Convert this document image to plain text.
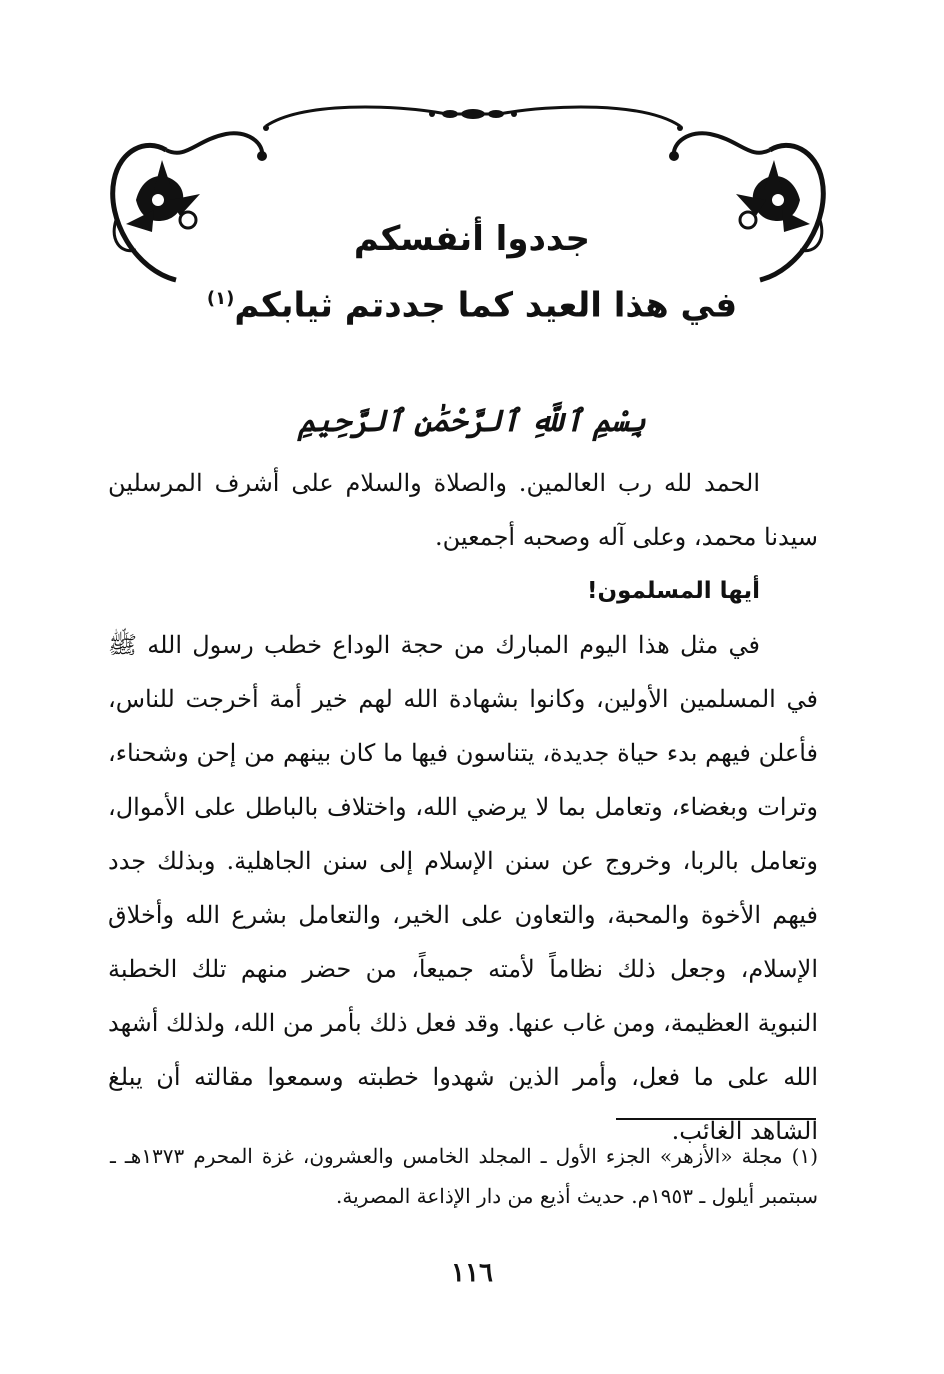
جددوا أنفسكم
في هذا العيد كما جددتم ثيابكم$^{(١)}$
بِسْمِ ٱللَّهِ ٱلرَّحْمَٰنِ ٱلرَّحِيمِ

الحمد لله رب العالمين. والصلاة والسلام على أشرف المرسلين سيدنا محمد، وعلى آله وصحبه أجمعين.

أيها المسلمون!

في مثل هذا اليوم المبارك من حجة الوداع خطب رسول الله ﷺ في المسلمين الأولين، وكانوا بشهادة الله لهم خير أمة أخرجت للناس، فأعلن فيهم بدء حياة جديدة، يتناسون فيها ما كان بينهم من إحن وشحناء، وترات وبغضاء، وتعامل بما لا يرضي الله، واختلاف بالباطل على الأموال، وتعامل بالربا، وخروج عن سنن الإسلام إلى سنن الجاهلية. وبذلك جدد فيهم الأخوة والمحبة، والتعاون على الخير، والتعامل بشرع الله وأخلاق الإسلام، وجعل ذلك نظاماً لأمته جميعاً، من حضر منهم تلك الخطبة النبوية العظيمة، ومن غاب عنها. وقد فعل ذلك بأمر من الله، ولذلك أشهد الله على ما فعل، وأمر الذين شهدوا خطبته وسمعوا مقالته أن يبلغ الشاهد الغائب.

(١) مجلة «الأزهر» الجزء الأول ـ المجلد الخامس والعشرون، غزة المحرم ١٣٧٣هـ ـ سبتمبر أيلول ـ ١٩٥٣م. حديث أذيع من دار الإذاعة المصرية.

١١٦
